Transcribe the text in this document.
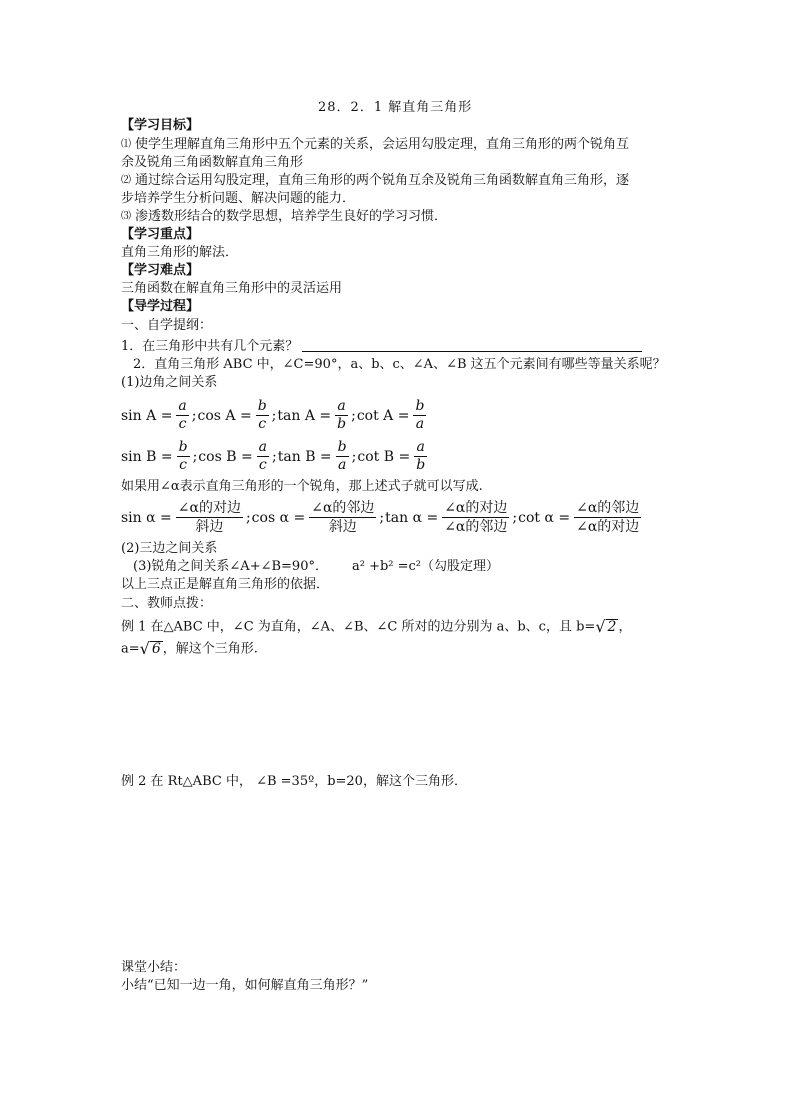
28．2．1 解直角三角形
【学习目标】
⑴ 使学生理解直角三角形中五个元素的关系，会运用勾股定理，直角三角形的两个锐角互
余及锐角三角函数解直角三角形
⑵ 通过综合运用勾股定理，直角三角形的两个锐角互余及锐角三角函数解直角三角形，逐
步培养学生分析问题、解决问题的能力．
⑶ 渗透数形结合的数学思想，培养学生良好的学习习惯．
【学习重点】
直角三角形的解法．
【学习难点】
三角函数在解直角三角形中的灵活运用
【导学过程】
一、自学提纲：
1．在三角形中共有几个元素？
2．直角三角形 ABC 中，∠C=90°，a、b、c、∠A、∠B 这五个元素间有哪些等量关系呢？
(1)边角之间关系
$\sin A = \frac{a}{c}$ ; $\cos A = \frac{b}{c}$ ; $\tan A = \frac{a}{b}$ ; $\cot A = \frac{b}{a}$
$\sin B = \frac{b}{c}$ ; $\cos B = \frac{a}{c}$ ; $\tan B = \frac{b}{a}$ ; $\cot B = \frac{a}{b}$
如果用∠α表示直角三角形的一个锐角，那上述式子就可以写成.
$\sin \alpha = \frac{\text{∠α的对边}}{\text{斜边}}$ ; $\cos \alpha = \frac{\text{∠α的邻边}}{\text{斜边}}$ ; $\tan \alpha = \frac{\text{∠α的对边}}{\text{∠α的邻边}}$ ; $\cot \alpha = \frac{\text{∠α的邻边}}{\text{∠α的对边}}$
(2)三边之间关系
(3)锐角之间关系∠A+∠B=90°． a² +b² =c²（勾股定理）
以上三点正是解直角三角形的依据．
二、教师点拨：
例 1 在△ABC 中，∠C 为直角，∠A、∠B、∠C 所对的边分别为 a、b、c，且 b= √ 2 ，
a= √ 6 ，解这个三角形.
例 2 在 Rt△ABC 中， ∠B =35º，b=20，解这个三角形．
课堂小结：
小结“已知一边一角，如何解直角三角形？”
